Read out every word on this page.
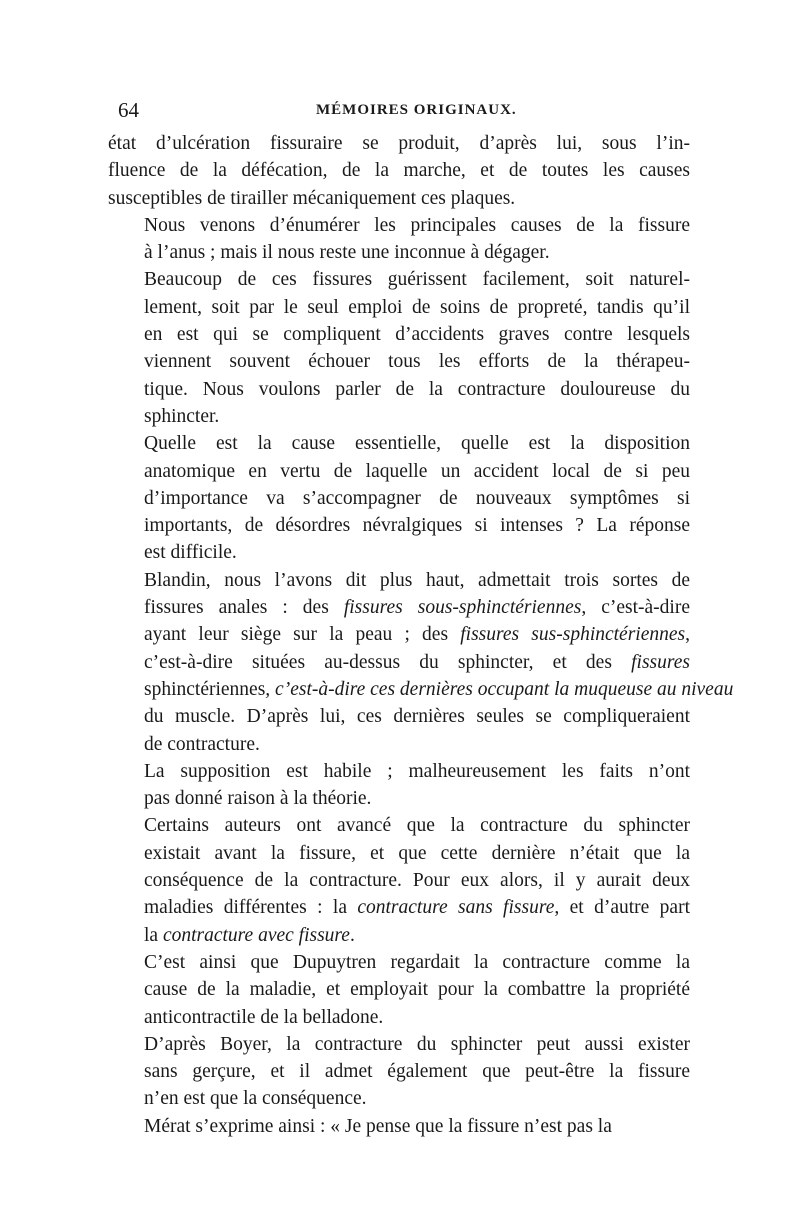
64	MÉMOIRES ORIGINAUX.

état d’ulcération fissuraire se produit, d’après lui, sous l’in-
fluence de la défécation, de la marche, et de toutes les causes
susceptibles de tirailler mécaniquement ces plaques.

Nous venons d’énumérer les principales causes de la fissure
à l’anus ; mais il nous reste une inconnue à dégager.

Beaucoup de ces fissures guérissent facilement, soit naturel-
lement, soit par le seul emploi de soins de propreté, tandis qu’il
en est qui se compliquent d’accidents graves contre lesquels
viennent souvent échouer tous les efforts de la thérapeu-
tique. Nous voulons parler de la contracture douloureuse du
sphincter.

Quelle est la cause essentielle, quelle est la disposition
anatomique en vertu de laquelle un accident local de si peu
d’importance va s’accompagner de nouveaux symptômes si
importants, de désordres névralgiques si intenses ? La réponse
est difficile.

Blandin, nous l’avons dit plus haut, admettait trois sortes de
fissures anales : des fissures sous-sphinctériennes, c’est-à-dire
ayant leur siège sur la peau ; des fissures sus-sphinctériennes,
c’est-à-dire situées au-dessus du sphincter, et des fissures
sphinctériennes, c’est-à-dire ces dernières occupant la muqueuse au niveau
du muscle. D’après lui, ces dernières seules se compliqueraient
de contracture.

La supposition est habile ; malheureusement les faits n’ont
pas donné raison à la théorie.

Certains auteurs ont avancé que la contracture du sphincter
existait avant la fissure, et que cette dernière n’était que la
conséquence de la contracture. Pour eux alors, il y aurait deux
maladies différentes : la contracture sans fissure, et d’autre part
la contracture avec fissure.

C’est ainsi que Dupuytren regardait la contracture comme la
cause de la maladie, et employait pour la combattre la propriété
anticontractile de la belladone.

D’après Boyer, la contracture du sphincter peut aussi exister
sans gerçure, et il admet également que peut-être la fissure
n’en est que la conséquence.

Mérat s’exprime ainsi : « Je pense que la fissure n’est pas la
